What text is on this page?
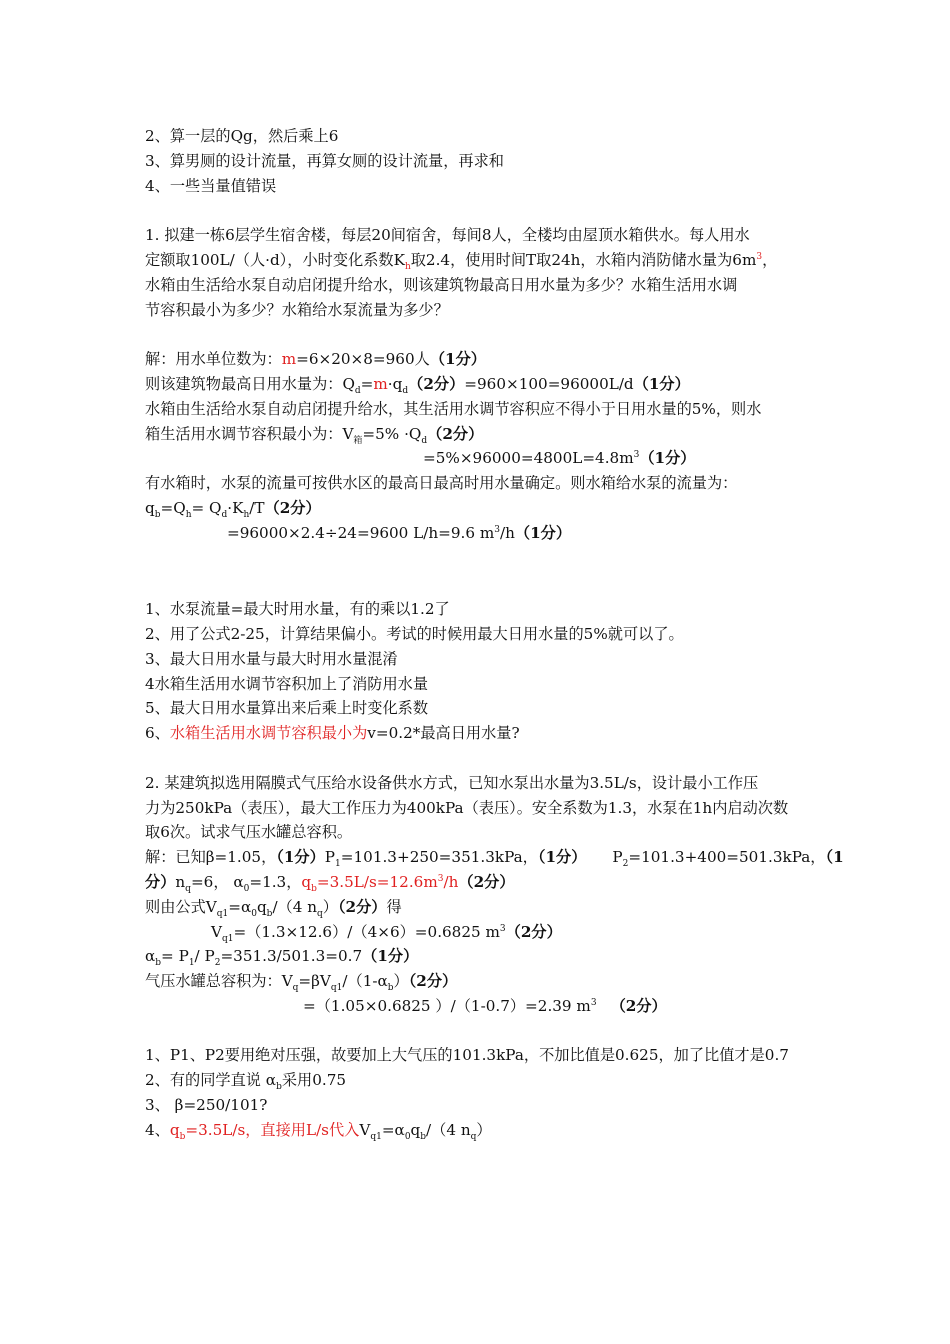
2、算一层的Qg，然后乘上6
3、算男厕的设计流量，再算女厕的设计流量，再求和
4、一些当量值错误
1. 拟建一栋6层学生宿舍楼，每层20间宿舍，每间8人，全楼均由屋顶水箱供水。每人用水
定额取100L/（人·d），小时变化系数$K_h$取2.4，使用时间T取24h，水箱内消防储水量为$6m^3$，
水箱由生活给水泵自动启闭提升给水，则该建筑物最高日用水量为多少？水箱生活用水调
节容积最小为多少？水箱给水泵流量为多少？
解：用水单位数为：m=6×20×8=960人（1分）
则该建筑物最高日用水量为：$Q_d=m\cdot q_d(2$分）=960×100=96000L/d（1分）
水箱由生活给水泵自动启闭提升给水，其生活用水调节容积应不得小于日用水量的5%，则水
箱生活用水调节容积最小为：$V_箱=5\% \cdot Q_d(2$分）
$=5\%\times 96000=4800L=4.8m^3(1$分）
有水箱时，水泵的流量可按供水区的最高日最高时用水量确定。则水箱给水泵的流量为：
$q_b=Q_h= Q_d\cdot K_h/T(2$分）
=96000×2.4÷24=9600 L/h=9.6 $m^3/h(1$分）
1、水泵流量=最大时用水量，有的乘以1.2了
2、用了公式2-25，计算结果偏小。考试的时候用最大日用水量的5%就可以了。
3、最大日用水量与最大时用水量混淆
4水箱生活用水调节容积加上了消防用水量
5、最大日用水量算出来后乘上时变化系数
6、水箱生活用水调节容积最小为v=0.2*最高日用水量?
2. 某建筑拟选用隔膜式气压给水设备供水方式，已知水泵出水量为3.5L/s，设计最小工作压
力为250kPa（表压），最大工作压力为400kPa（表压）。安全系数为1.3，水泵在1h内启动次数
取6次。试求气压水罐总容积。
解：已知β=1.05，（1分）$P_1=101.3+250=351.3kPa$，（1分） $P_2=101.3+400=501.3kPa$，（1
分）$n_q=6$， $\alpha_0=1.3$，$q_b=3.5L/s=12.6m^3/h(2$分）
则由公式$V_{q1}=\alpha_0q_b/(4$ $n_q)(2$分）得
$V_{q1}=(1.3\times 12.6)/(4\times 6)=0.6825$ $m^3(2$分）
$\alpha_b= P_1/$ $P_2=351.3/501.3=0.7(1$分）
气压水罐总容积为：$V_q=\beta V_{q1}/(1-\alpha_b)(2$分）
=（1.05×0.6825 ）/（1-0.7）=2.39 $m^3$ （2分）
1、P1、P2要用绝对压强，故要加上大气压的101.3kPa，不加比值是0.625，加了比值才是0.7
2、有的同学直说 $\alpha_b$采用0.75
3、 β=250/101?
4、$q_b=3.5L/s$，直接用L/s代入$V_{q1}=\alpha_0q_b/(4$ $n_q$）
